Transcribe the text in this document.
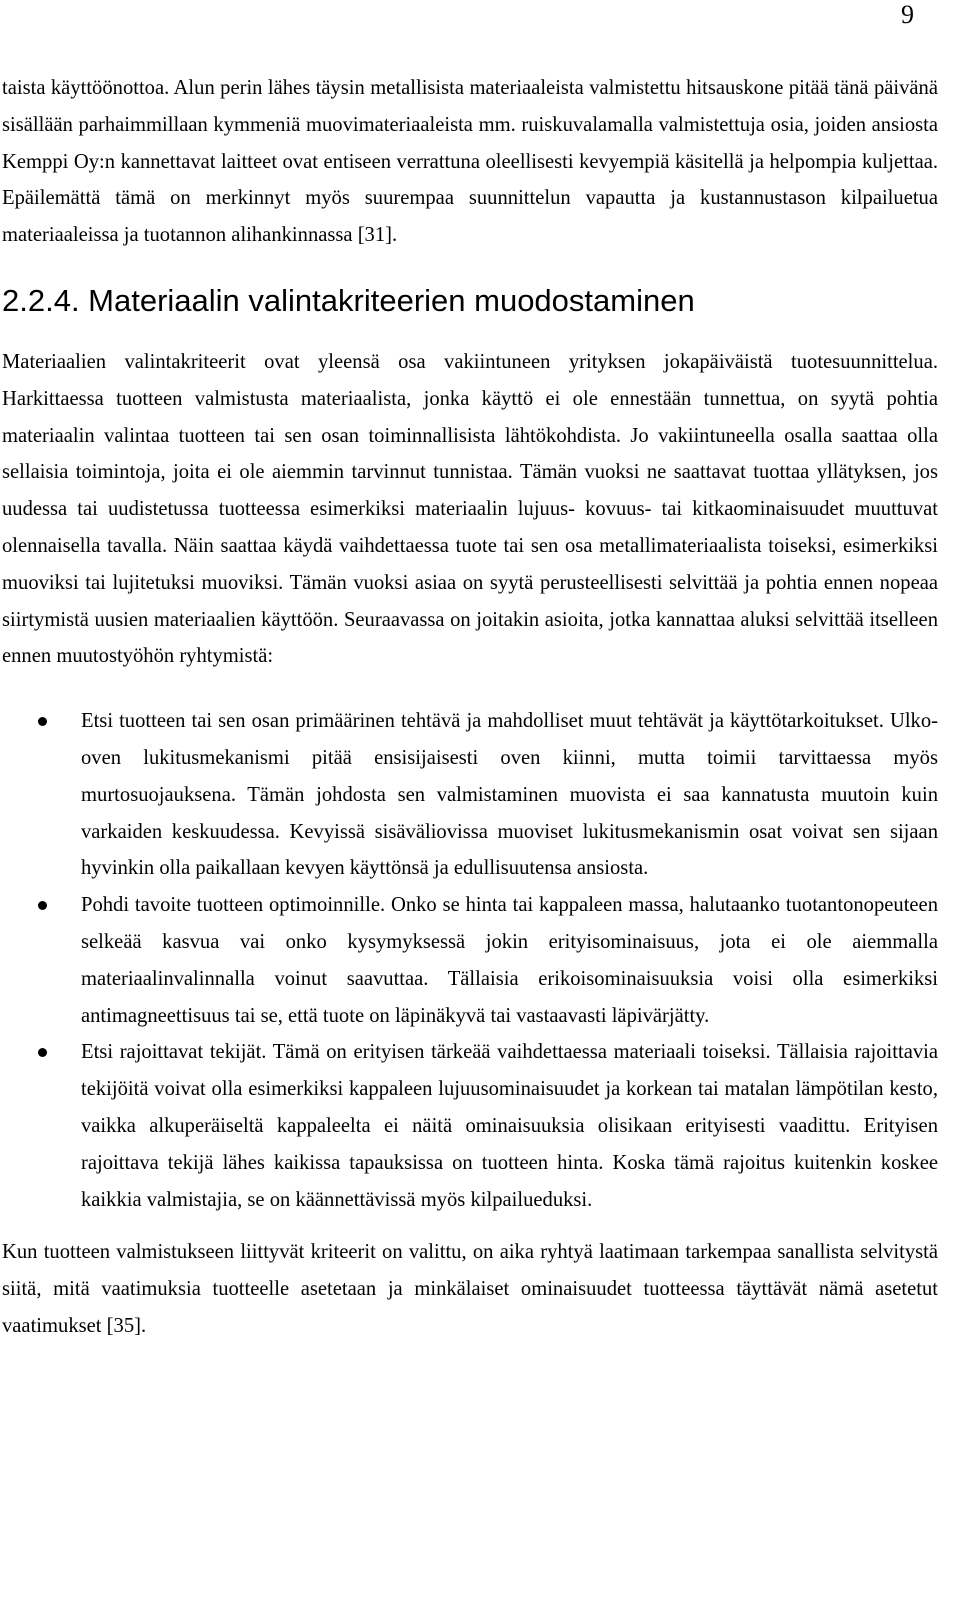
9

taista käyttöönottoa. Alun perin lähes täysin metallisista materiaaleista valmistettu hitsauskone pitää tänä päivänä sisällään parhaimmillaan kymmeniä muovimateriaaleista mm. ruiskuvalamalla valmistettuja osia, joiden ansiosta Kemppi Oy:n kannettavat laitteet ovat entiseen verrattuna oleellisesti kevyempiä käsitellä ja helpompia kuljettaa. Epäilemättä tämä on merkinnyt myös suurempaa suunnittelun vapautta ja kustannustason kilpailuetua materiaaleissa ja tuotannon alihankinnassa [31].

2.2.4. Materiaalin valintakriteerien muodostaminen

Materiaalien valintakriteerit ovat yleensä osa vakiintuneen yrityksen jokapäiväistä tuotesuunnittelua. Harkittaessa tuotteen valmistusta materiaalista, jonka käyttö ei ole ennestään tunnettua, on syytä pohtia materiaalin valintaa tuotteen tai sen osan toiminnallisista lähtökohdista. Jo vakiintuneella osalla saattaa olla sellaisia toimintoja, joita ei ole aiemmin tarvinnut tunnistaa. Tämän vuoksi ne saattavat tuottaa yllätyksen, jos uudessa tai uudistetussa tuotteessa esimerkiksi materiaalin lujuus- kovuus- tai kitkaominaisuudet muuttuvat olennaisella tavalla. Näin saattaa käydä vaihdettaessa tuote tai sen osa metallimateriaalista toiseksi, esimerkiksi muoviksi tai lujitetuksi muoviksi. Tämän vuoksi asiaa on syytä perusteellisesti selvittää ja pohtia ennen nopeaa siirtymistä uusien materiaalien käyttöön. Seuraavassa on joitakin asioita, jotka kannattaa aluksi selvittää itselleen ennen muutostyöhön ryhtymistä:

Etsi tuotteen tai sen osan primäärinen tehtävä ja mahdolliset muut tehtävät ja käyttötarkoitukset. Ulko-oven lukitusmekanismi pitää ensisijaisesti oven kiinni, mutta toimii tarvittaessa myös murtosuojauksena. Tämän johdosta sen valmistaminen muovista ei saa kannatusta muutoin kuin varkaiden keskuudessa. Kevyissä sisäväliovissa muoviset lukitusmekanismin osat voivat sen sijaan hyvinkin olla paikallaan kevyen käyttönsä ja edullisuutensa ansiosta.
Pohdi tavoite tuotteen optimoinnille. Onko se hinta tai kappaleen massa, halutaanko tuotantonopeuteen selkeää kasvua vai onko kysymyksessä jokin erityisominaisuus, jota ei ole aiemmalla materiaalinvalinnalla voinut saavuttaa. Tällaisia erikoisominaisuuksia voisi olla esimerkiksi antimagneettisuus tai se, että tuote on läpinäkyvä tai vastaavasti läpivärjätty.
Etsi rajoittavat tekijät. Tämä on erityisen tärkeää vaihdettaessa materiaali toiseksi. Tällaisia rajoittavia tekijöitä voivat olla esimerkiksi kappaleen lujuusominaisuudet ja korkean tai matalan lämpötilan kesto, vaikka alkuperäiseltä kappaleelta ei näitä ominaisuuksia olisikaan erityisesti vaadittu. Erityisen rajoittava tekijä lähes kaikissa tapauksissa on tuotteen hinta. Koska tämä rajoitus kuitenkin koskee kaikkia valmistajia, se on käännettävissä myös kilpailueduksi.

Kun tuotteen valmistukseen liittyvät kriteerit on valittu, on aika ryhtyä laatimaan tarkempaa sanallista selvitystä siitä, mitä vaatimuksia tuotteelle asetetaan ja minkälaiset ominaisuudet tuotteessa täyttävät nämä asetetut vaatimukset [35].
